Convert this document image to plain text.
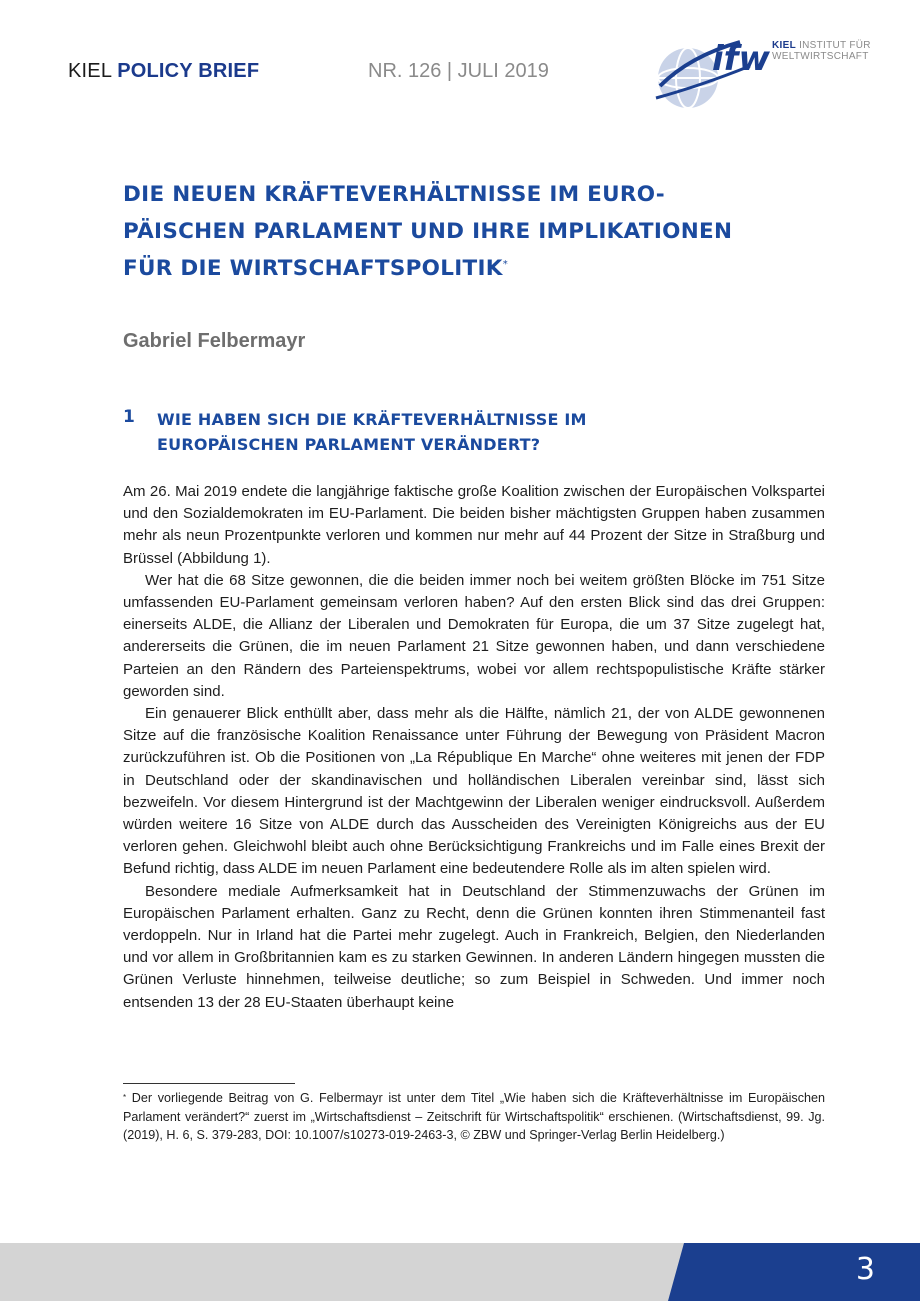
KIEL POLICY BRIEF	NR. 126 | JULI 2019	ifw KIEL INSTITUT FÜR
WELTWIRTSCHAFT
DIE NEUEN KRÄFTEVERHÄLTNISSE IM EURO-
PÄISCHEN PARLAMENT UND IHRE IMPLIKATIONEN
FÜR DIE WIRTSCHAFTSPOLITIK*
Gabriel Felbermayr
1 WIE HABEN SICH DIE KRÄFTEVERHÄLTNISSE IM
EUROPÄISCHEN PARLAMENT VERÄNDERT?

Am 26. Mai 2019 endete die langjährige faktische große Koalition zwischen der Europäischen Volkspartei und den Sozialdemokraten im EU-Parlament. Die beiden bisher mächtigsten Gruppen haben zusammen mehr als neun Prozentpunkte verloren und kommen nur mehr auf 44 Prozent der Sitze in Straßburg und Brüssel (Abbildung 1).

Wer hat die 68 Sitze gewonnen, die die beiden immer noch bei weitem größten Blöcke im 751 Sitze umfassenden EU-Parlament gemeinsam verloren haben? Auf den ersten Blick sind das drei Gruppen: einerseits ALDE, die Allianz der Liberalen und Demokraten für Europa, die um 37 Sitze zugelegt hat, andererseits die Grünen, die im neuen Parlament 21 Sitze gewonnen haben, und dann verschiedene Parteien an den Rändern des Parteienspektrums, wobei vor allem rechtspopulistische Kräfte stärker geworden sind.

Ein genauerer Blick enthüllt aber, dass mehr als die Hälfte, nämlich 21, der von ALDE gewonnenen Sitze auf die französische Koalition Renaissance unter Führung der Bewegung von Präsident Macron zurückzuführen ist. Ob die Positionen von „La République En Marche“ ohne weiteres mit jenen der FDP in Deutschland oder der skandinavischen und holländischen Liberalen vereinbar sind, lässt sich bezweifeln. Vor diesem Hintergrund ist der Machtgewinn der Liberalen weniger eindrucksvoll. Außerdem würden weitere 16 Sitze von ALDE durch das Ausscheiden des Vereinigten Königreichs aus der EU verloren gehen. Gleichwohl bleibt auch ohne Berücksichtigung Frankreichs und im Falle eines Brexit der Befund richtig, dass ALDE im neuen Parlament eine bedeutendere Rolle als im alten spielen wird.

Besondere mediale Aufmerksamkeit hat in Deutschland der Stimmenzuwachs der Grünen im Europäischen Parlament erhalten. Ganz zu Recht, denn die Grünen konnten ihren Stimmenanteil fast verdoppeln. Nur in Irland hat die Partei mehr zugelegt. Auch in Frankreich, Belgien, den Niederlanden und vor allem in Großbritannien kam es zu starken Gewinnen. In anderen Ländern hingegen mussten die Grünen Verluste hinnehmen, teilweise deutliche; so zum Beispiel in Schweden. Und immer noch entsenden 13 der 28 EU-Staaten überhaupt keine

* Der vorliegende Beitrag von G. Felbermayr ist unter dem Titel „Wie haben sich die Kräfteverhältnisse im Europäischen Parlament verändert?“ zuerst im „Wirtschaftsdienst – Zeitschrift für Wirtschaftspolitik“ erschienen. (Wirtschaftsdienst, 99. Jg. (2019), H. 6, S. 379-283, DOI: 10.1007/s10273-019-2463-3, © ZBW und Springer-Verlag Berlin Heidelberg.)
3
